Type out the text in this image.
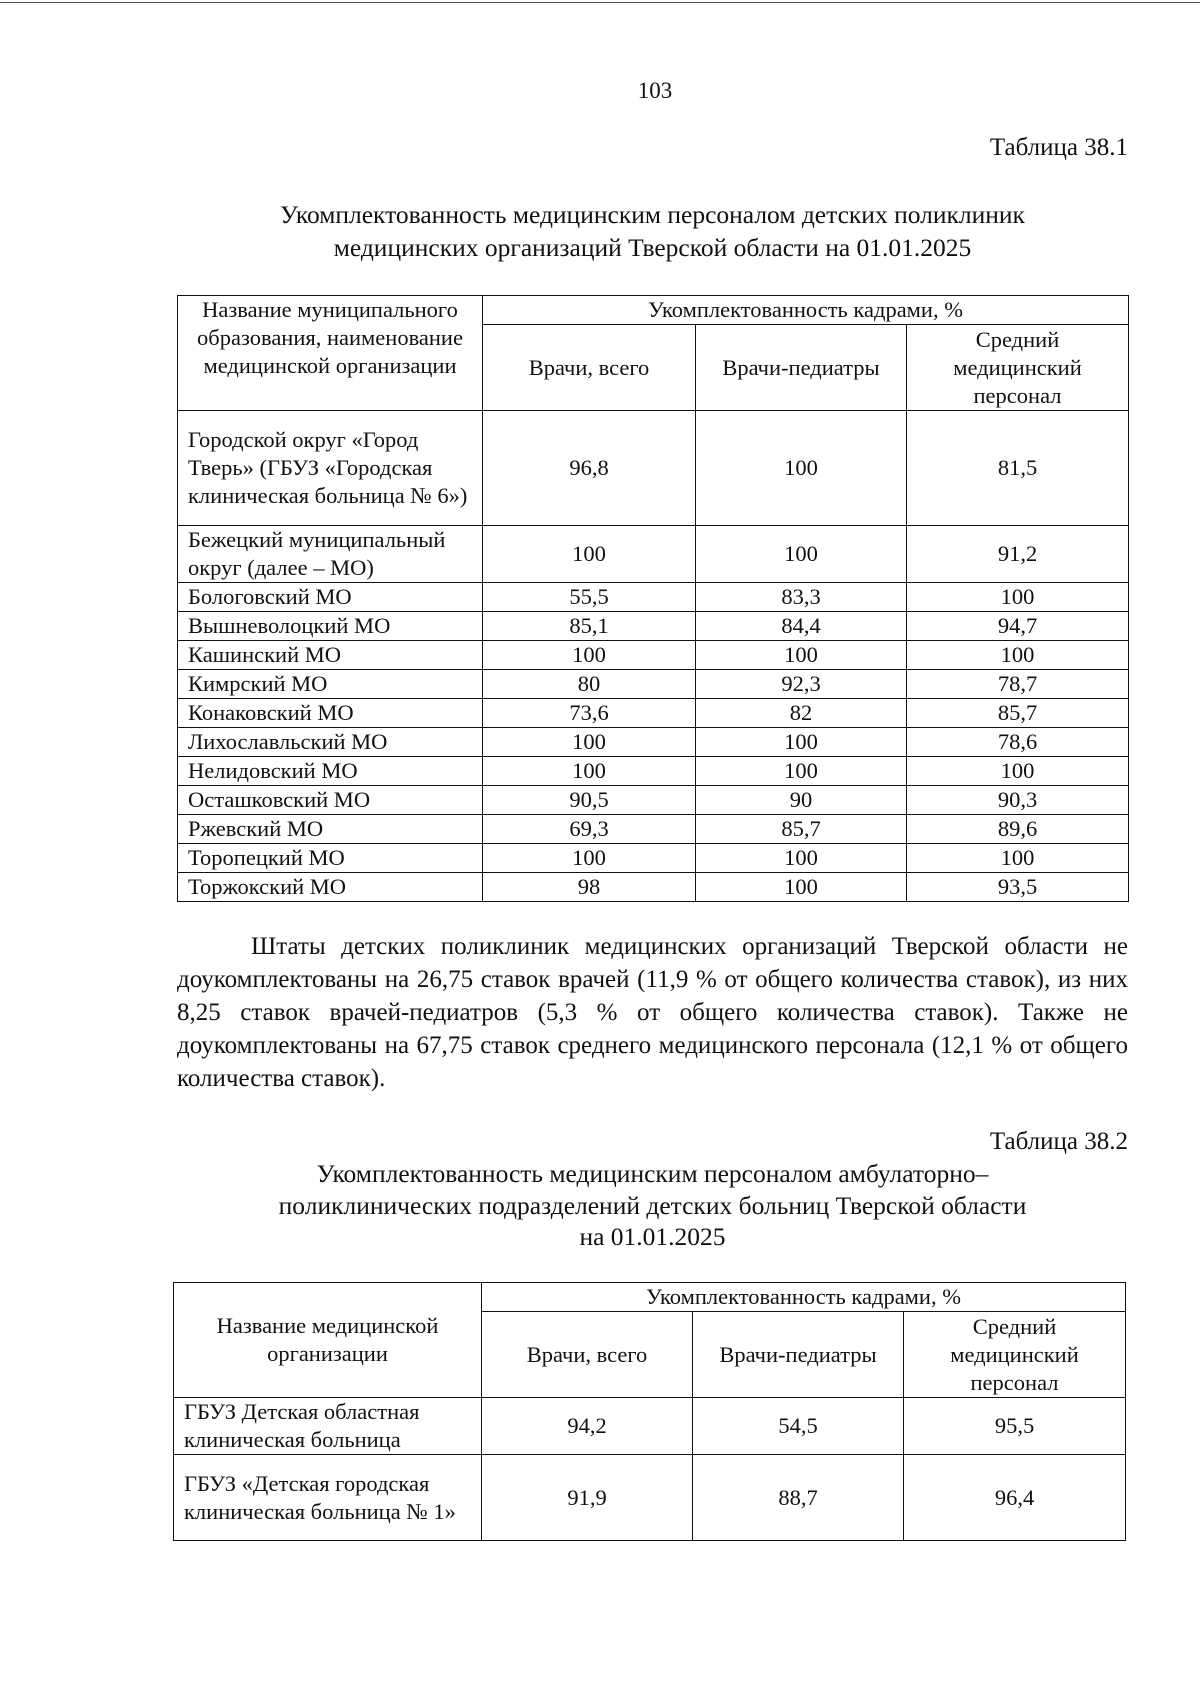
103
Таблица 38.1
Укомплектованность медицинским персоналом детских поликлиник
медицинских организаций Тверской области на 01.01.2025
Название муниципального образования, наименование медицинской организации	Укомплектованность кадрами, %		
	Врачи, всего	Врачи-педиатры	Средний медицинский персонал
Городской округ «Город Тверь» (ГБУЗ «Городская клиническая больница № 6»)	96,8	100	81,5
Бежецкий муниципальный округ (далее – МО)	100	100	91,2
Бологовский МО	55,5	83,3	100
Вышневолоцкий МО	85,1	84,4	94,7
Кашинский МО	100	100	100
Кимрский МО	80	92,3	78,7
Конаковский МО	73,6	82	85,7
Лихославльский МО	100	100	78,6
Нелидовский МО	100	100	100
Осташковский МО	90,5	90	90,3
Ржевский МО	69,3	85,7	89,6
Торопецкий МО	100	100	100
Торжокский МО	98	100	93,5
Штаты детских поликлиник медицинских организаций Тверской области не доукомплектованы на 26,75 ставок врачей (11,9 % от общего количества ставок), из них 8,25 ставок врачей-педиатров (5,3 % от общего количества ставок). Также не доукомплектованы на 67,75 ставок среднего медицинского персонала (12,1 % от общего количества ставок).
Таблица 38.2
Укомплектованность медицинским персоналом амбулаторно–
поликлинических подразделений детских больниц Тверской области
на 01.01.2025
Название медицинской организации	Укомплектованность кадрами, %		
	Врачи, всего	Врачи-педиатры	Средний медицинский персонал
ГБУЗ Детская областная клиническая больница	94,2	54,5	95,5
ГБУЗ «Детская городская клиническая больница № 1»	91,9	88,7	96,4
